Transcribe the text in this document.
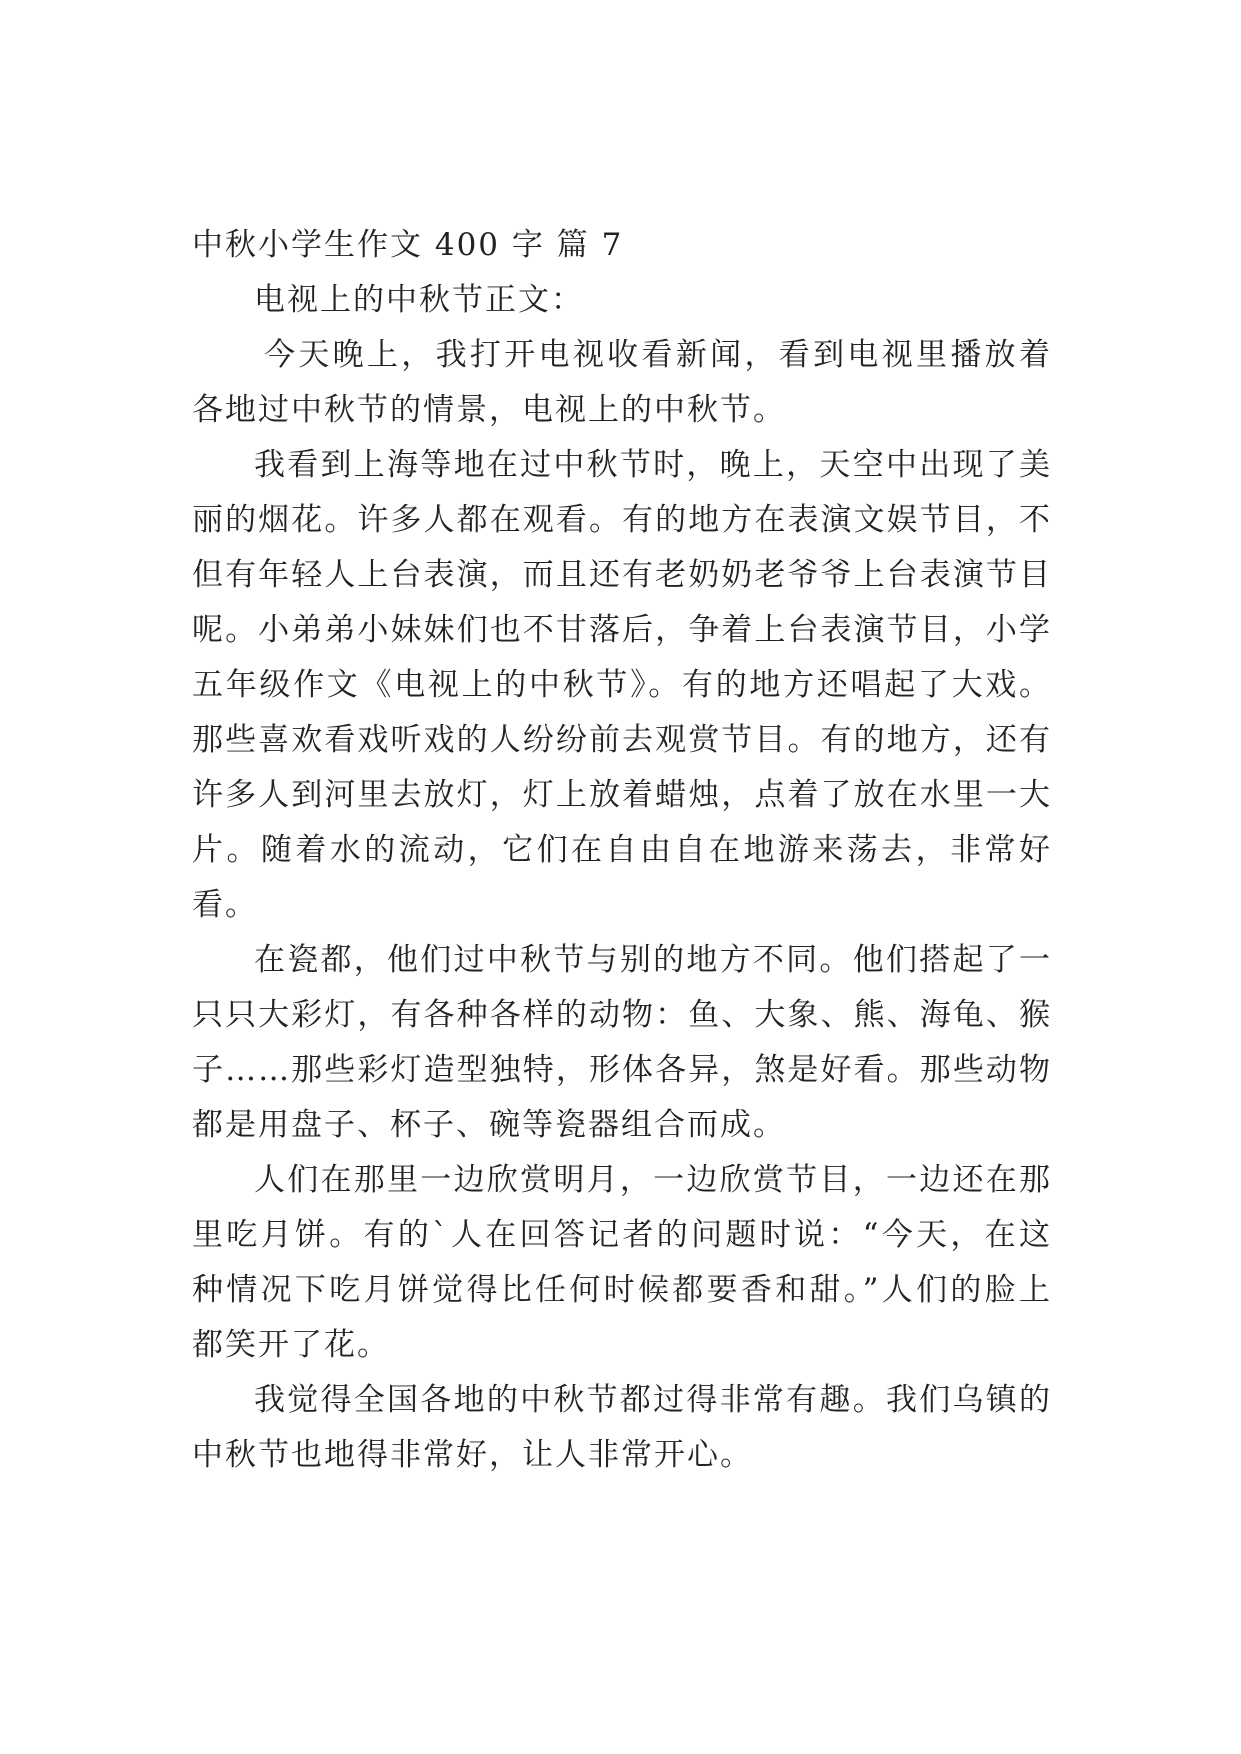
中秋小学生作文 400 字 篇 7

电视上的中秋节正文：

今天晚上，我打开电视收看新闻，看到电视里播放着各地过中秋节的情景，电视上的中秋节。

我看到上海等地在过中秋节时，晚上，天空中出现了美丽的烟花。许多人都在观看。有的地方在表演文娱节目，不但有年轻人上台表演，而且还有老奶奶老爷爷上台表演节目呢。小弟弟小妹妹们也不甘落后，争着上台表演节目，小学五年级作文《电视上的中秋节》。有的地方还唱起了大戏。那些喜欢看戏听戏的人纷纷前去观赏节目。有的地方，还有许多人到河里去放灯，灯上放着蜡烛，点着了放在水里一大片。随着水的流动，它们在自由自在地游来荡去，非常好看。

在瓷都，他们过中秋节与别的地方不同。他们搭起了一只只大彩灯，有各种各样的动物：鱼、大象、熊、海龟、猴子……那些彩灯造型独特，形体各异，煞是好看。那些动物都是用盘子、杯子、碗等瓷器组合而成。

人们在那里一边欣赏明月，一边欣赏节目，一边还在那里吃月饼。有的`人在回答记者的问题时说：“今天，在这种情况下吃月饼觉得比任何时候都要香和甜。”人们的脸上都笑开了花。

我觉得全国各地的中秋节都过得非常有趣。我们乌镇的中秋节也地得非常好，让人非常开心。
